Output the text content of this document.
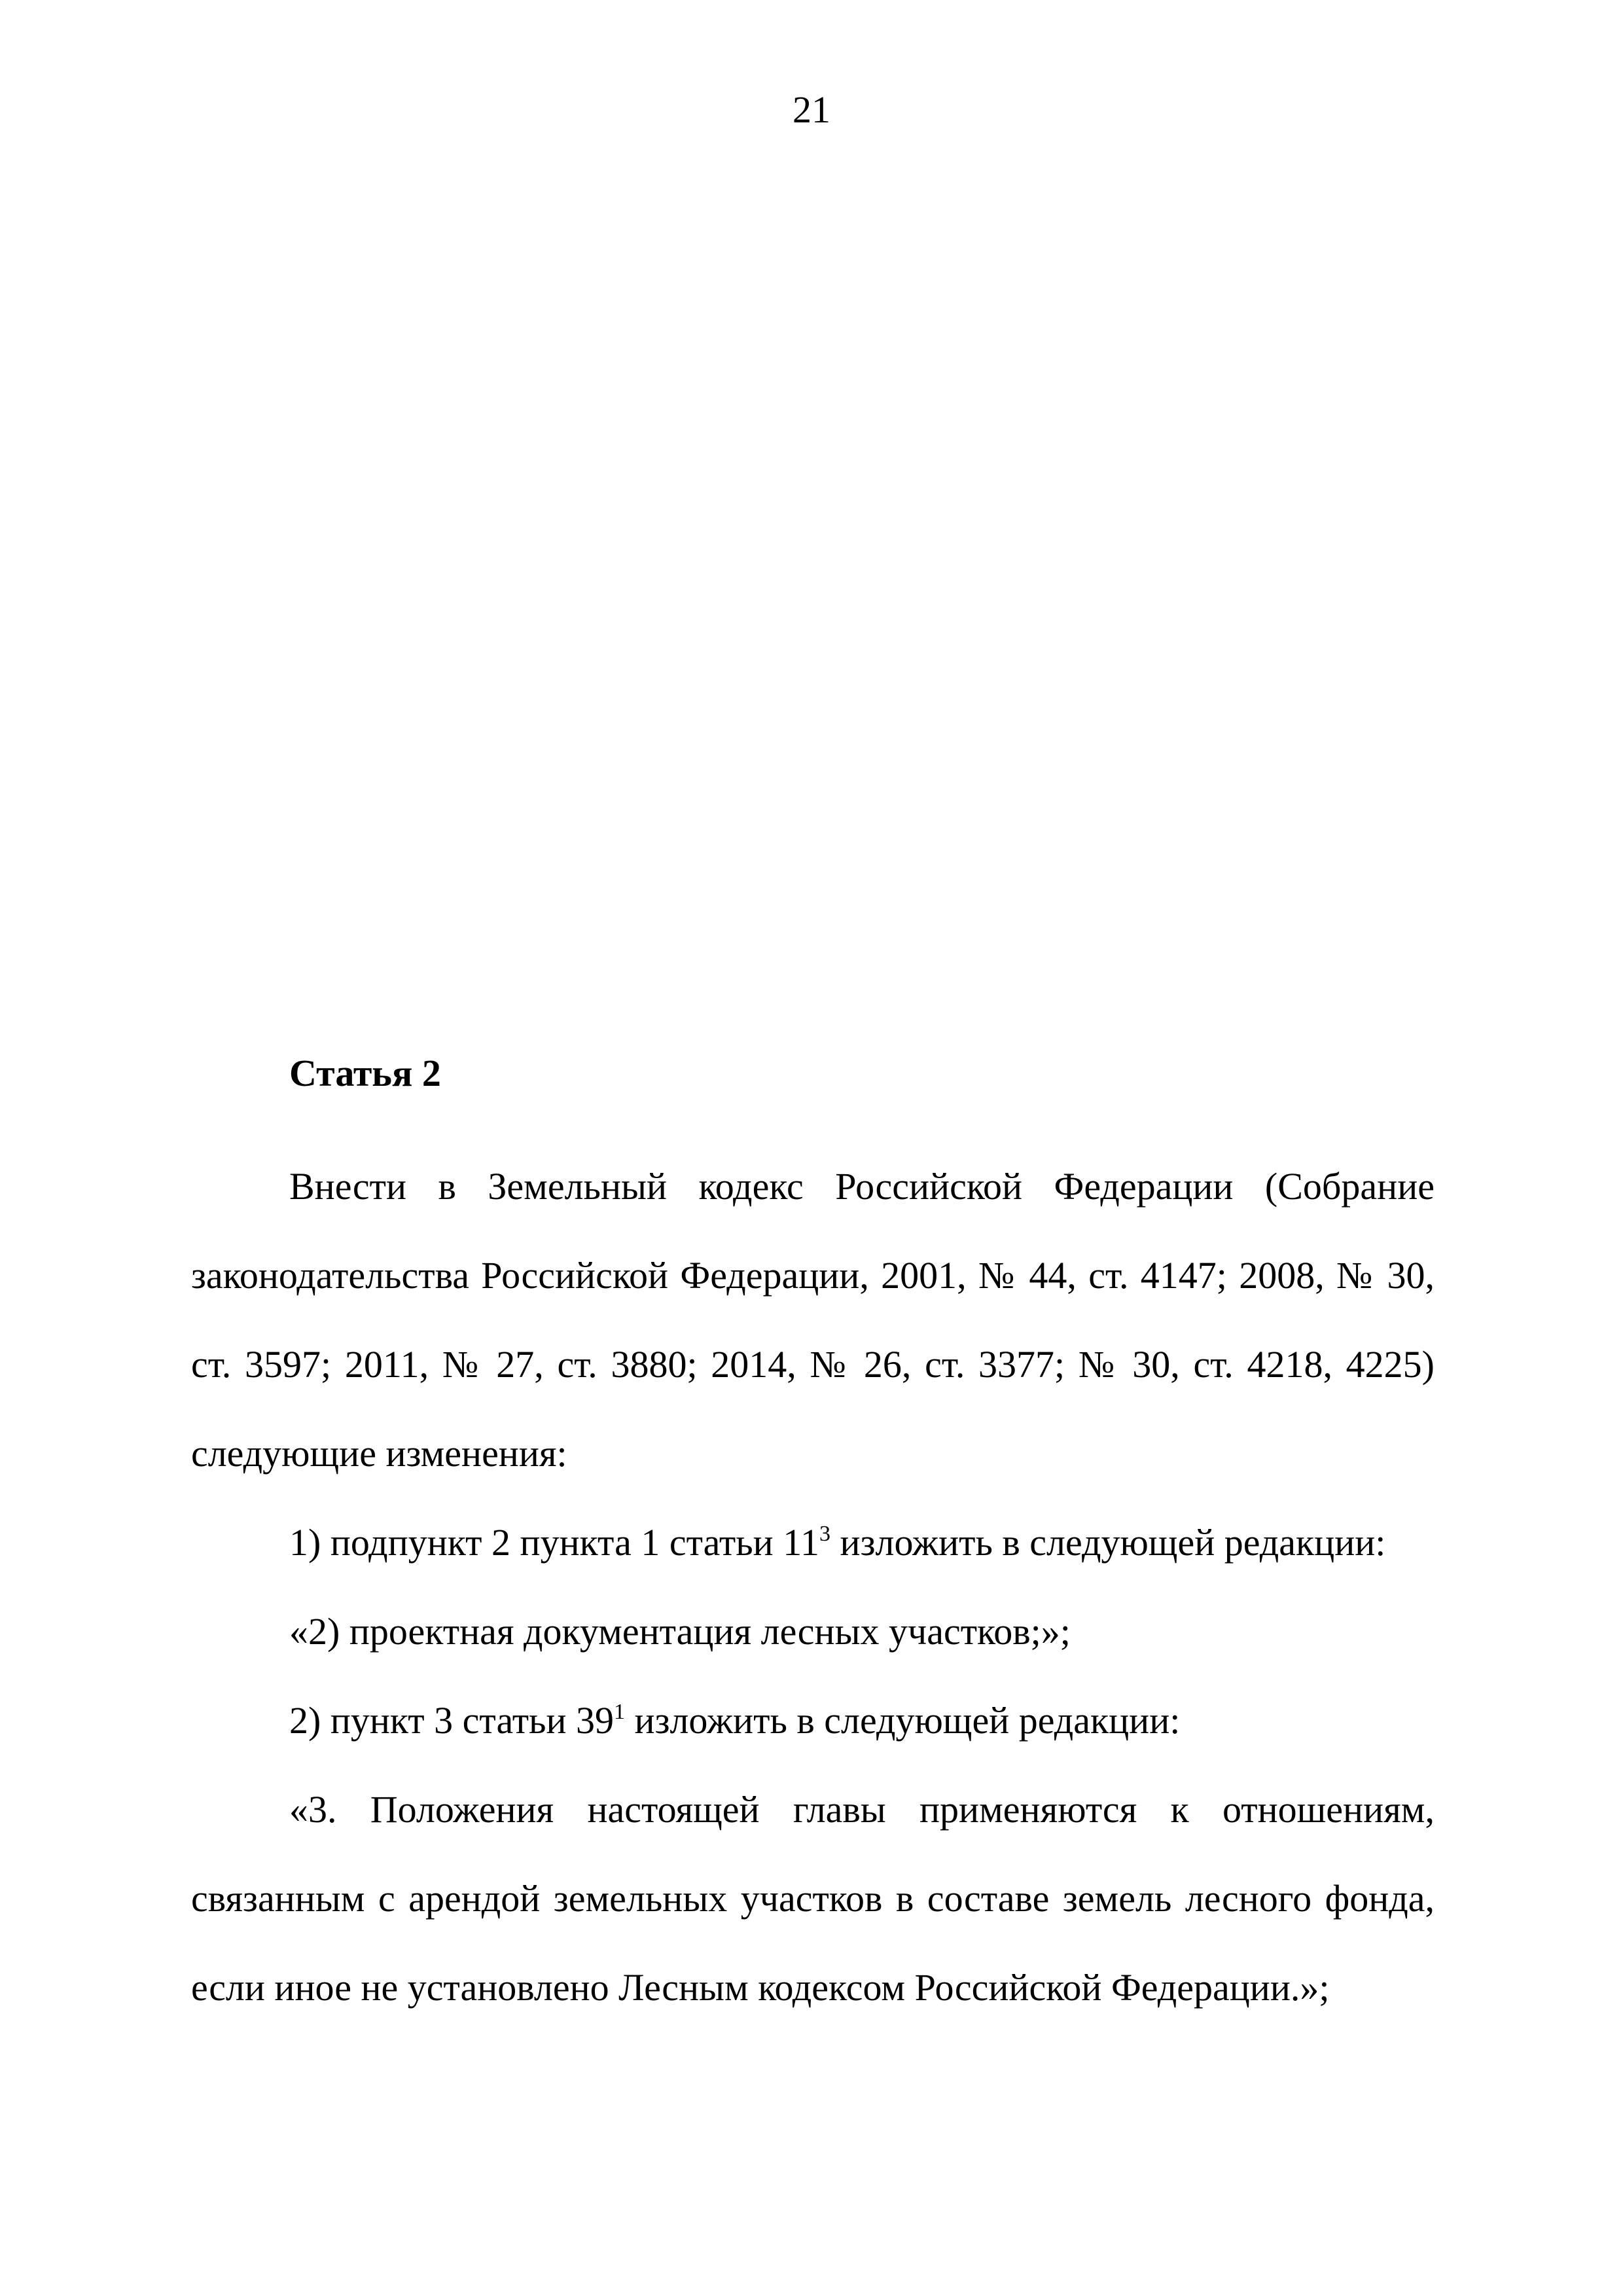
21
Статья 2

Внести в Земельный кодекс Российской Федерации (Собрание законодательства Российской Федерации, 2001, № 44, ст. 4147; 2008, № 30, ст. 3597; 2011, № 27, ст. 3880; 2014, № 26, ст. 3377; № 30, ст. 4218, 4225) следующие изменения:

1) подпункт 2 пункта 1 статьи $11^3$ изложить в следующей редакции:

«2) проектная документация лесных участков;»;

2) пункт 3 статьи $39^1$ изложить в следующей редакции:

«3. Положения настоящей главы применяются к отношениям, связанным с арендой земельных участков в составе земель лесного фонда, если иное не установлено Лесным кодексом Российской Федерации.»;
